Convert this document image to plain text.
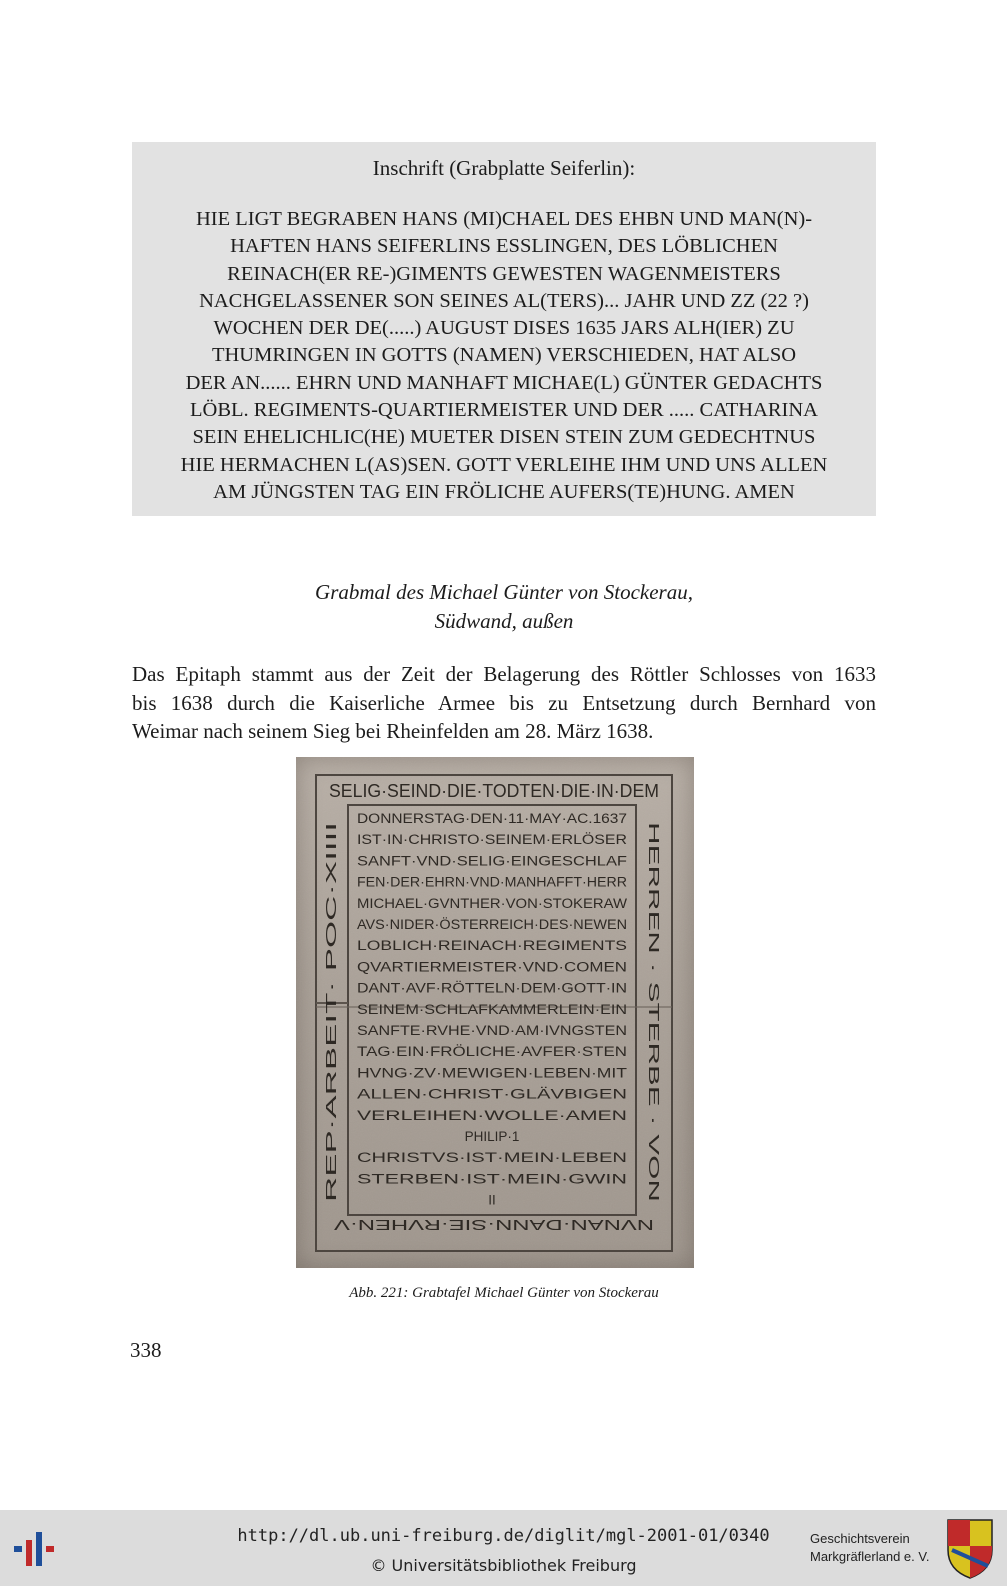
Inschrift (Grabplatte Seiferlin):
HIE LIGT BEGRABEN HANS (MI)CHAEL DES EHBN UND MAN(N)-
HAFTEN HANS SEIFERLINS ESSLINGEN, DES LÖBLICHEN
REINACH(ER RE-)GIMENTS GEWESTEN WAGENMEISTERS
NACHGELASSENER SON SEINES AL(TERS)... JAHR UND ZZ (22 ?)
WOCHEN DER DE(.....) AUGUST DISES 1635 JARS ALH(IER) ZU
THUMRINGEN IN GOTTS (NAMEN) VERSCHIEDEN, HAT ALSO
DER AN...... EHRN UND MANHAFT MICHAE(L) GÜNTER GEDACHTS
LÖBL. REGIMENTS-QUARTIERMEISTER UND DER ..... CATHARINA
SEIN EHELICHLIC(HE) MUETER DISEN STEIN ZUM GEDECHTNUS
HIE HERMACHEN L(AS)SEN. GOTT VERLEIHE IHM UND UNS ALLEN
AM JÜNGSTEN TAG EIN FRÖLICHE AUFERS(TE)HUNG. AMEN
Grabmal des Michael Günter von Stockerau,
Südwand, außen
Das Epitaph stammt aus der Zeit der Belagerung des Röttler Schlosses von 1633
bis 1638 durch die Kaiserliche Armee bis zu Entsetzung durch Bernhard von
Weimar nach seinem Sieg bei Rheinfelden am 28. März 1638.
SELIG·SEIND·DIE·TODTEN·DIE·IN·DEM
NVNAN·DANN·SIE·RVHEN·V
HERREN · STERBE · VON
REP·ARBEIT· POC·XIIII
DONNERSTAG·DEN·11·MAY·AC.1637
IST·IN·CHRISTO·SEINEM·ERLÖSER
SANFT·VND·SELIG·EINGESCHLAF
FEN·DER·EHRN·VND·MANHAFFT·HERR
MICHAEL·GVNTHER·VON·STOKERAW
AVS·NIDER·ÖSTERREICH·DES·NEWEN
LOBLICH·REINACH·REGIMENTS
QVARTIERMEISTER·VND·COMEN
DANT·AVF·RÖTTELN·DEM·GOTT·IN
SEINEM·SCHLAFKAMMERLEIN·EIN
SANFTE·RVHE·VND·AM·IVNGSTEN
TAG·EIN·FRÖLICHE·AVFER·STEN
HVNG·ZV·MEWIGEN·LEBEN·MIT
ALLEN·CHRIST·GLÄVBIGEN
VERLEIHEN·WOLLE·AMEN
PHILIP·1
CHRISTVS·IST·MEIN·LEBEN
STERBEN·IST·MEIN·GWIN
II
Abb. 221: Grabtafel Michael Günter von Stockerau
338
http://dl.ub.uni-freiburg.de/diglit/mgl-2001-01/0340
© Universitätsbibliothek Freiburg
Geschichtsverein
Markgräflerland e. V.
